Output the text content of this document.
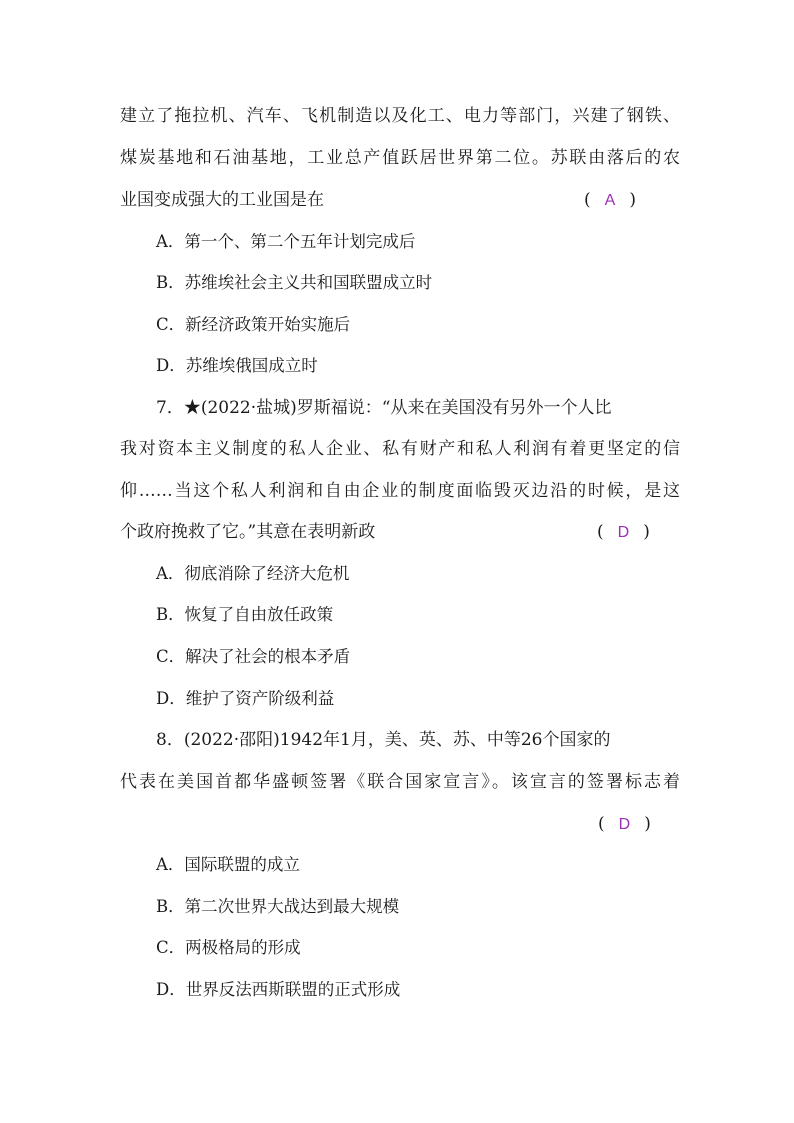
建立了拖拉机、汽车、飞机制造以及化工、电力等部门，兴建了钢铁、
煤炭基地和石油基地，工业总产值跃居世界第二位。苏联由落后的农
业国变成强大的工业国是在	( A )
A．第一个、第二个五年计划完成后
B．苏维埃社会主义共和国联盟成立时
C．新经济政策开始实施后
D．苏维埃俄国成立时
7．★(2022·盐城)罗斯福说：“从来在美国没有另外一个人比
我对资本主义制度的私人企业、私有财产和私人利润有着更坚定的信
仰……当这个私人利润和自由企业的制度面临毁灭边沿的时候，是这
个政府挽救了它。”其意在表明新政	( D )
A．彻底消除了经济大危机
B．恢复了自由放任政策
C．解决了社会的根本矛盾
D．维护了资产阶级利益
8．(2022·邵阳)1942年1月，美、英、苏、中等26个国家的
代表在美国首都华盛顿签署《联合国家宣言》。该宣言的签署标志着
( D )
A．国际联盟的成立
B．第二次世界大战达到最大规模
C．两极格局的形成
D．世界反法西斯联盟的正式形成
